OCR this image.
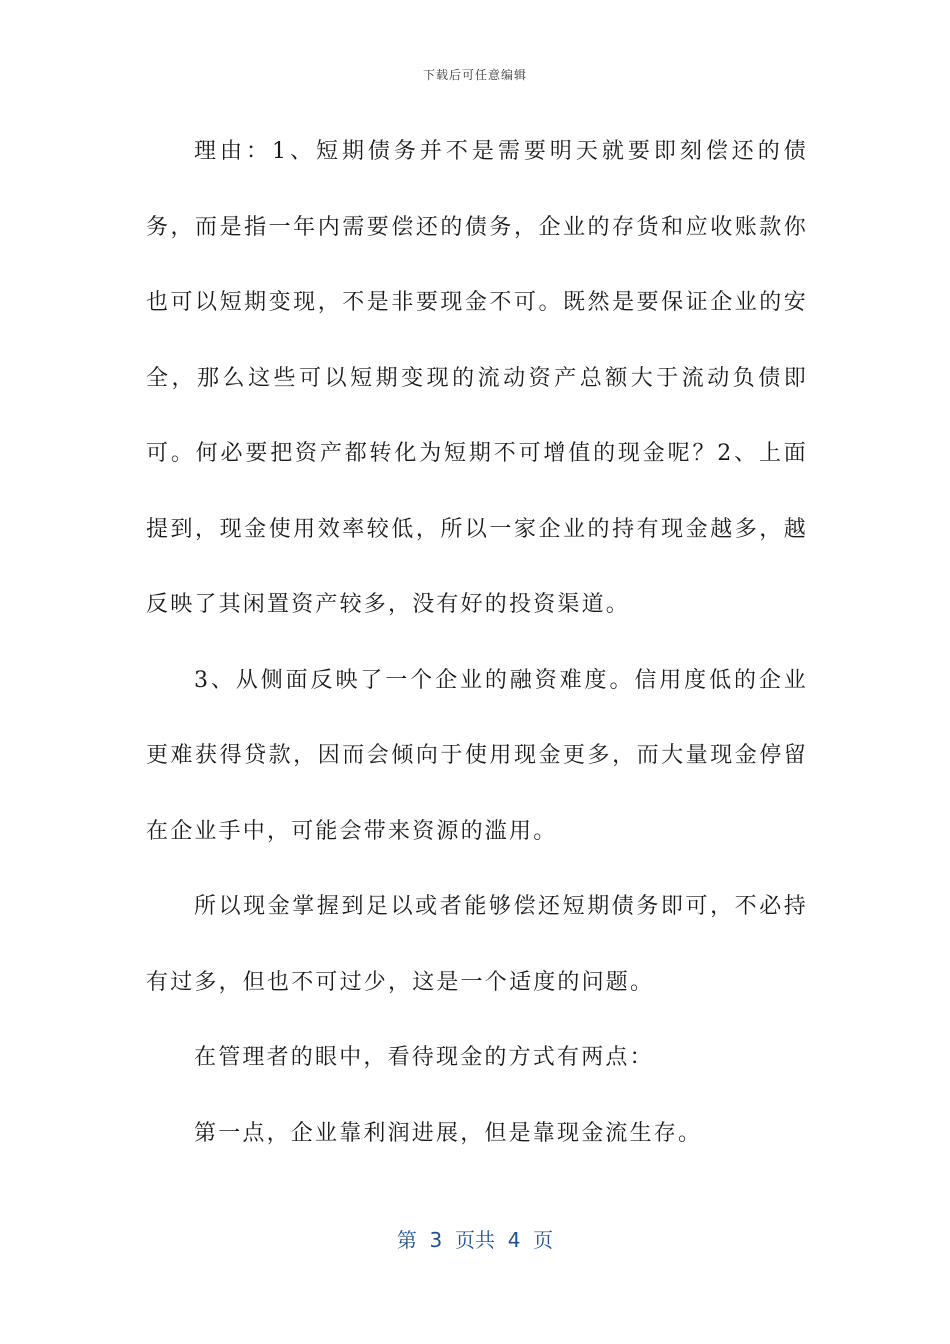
下载后可任意编辑

理由：1、短期债务并不是需要明天就要即刻偿还的债务，而是指一年内需要偿还的债务，企业的存货和应收账款你也可以短期变现，不是非要现金不可。既然是要保证企业的安全，那么这些可以短期变现的流动资产总额大于流动负债即可。何必要把资产都转化为短期不可增值的现金呢？2、上面提到，现金使用效率较低，所以一家企业的持有现金越多，越反映了其闲置资产较多，没有好的投资渠道。

3、从侧面反映了一个企业的融资难度。信用度低的企业更难获得贷款，因而会倾向于使用现金更多，而大量现金停留在企业手中，可能会带来资源的滥用。

所以现金掌握到足以或者能够偿还短期债务即可，不必持有过多，但也不可过少，这是一个适度的问题。

在管理者的眼中，看待现金的方式有两点：

第一点，企业靠利润进展，但是靠现金流生存。

第  3  页共  4  页
